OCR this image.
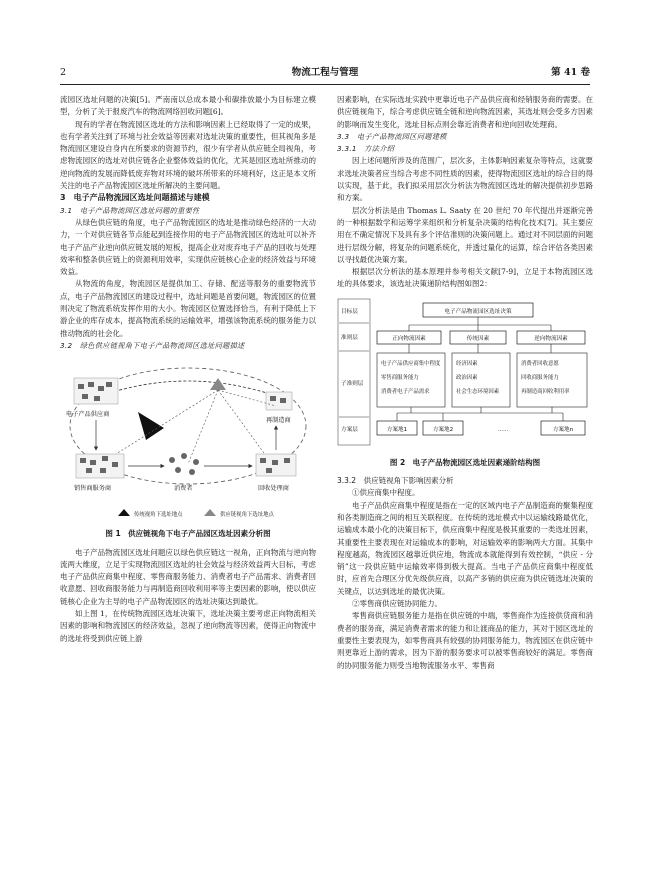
2	物流工程与管理	第 41 卷

流园区选址问题的决策[5]。严南南以总成本最小和碳排放最小为目标建立模型，分析了关于报废汽车的物流网络回收问题[6]。

现有的学者在物流园区选址的方法和影响因素上已经取得了一定的成果，也有学者关注到了环境与社会效益等因素对选址决策的重要性，但其视角多是物流园区建设自身内在所要求的资源节约，很少有学者从供应链全局视角，考虑物流园区的选址对供应链各企业整体效益的优化，尤其是园区选址所推动的逆向物流的发展而降低废弃物对环境的破坏所带来的环境利好，这正是本文所关注的电子产品物流园区选址所解决的主要问题。

3　电子产品物流园区选址问题描述与建模

3.1　电子产品物流园区选址问题的重要性

从绿色供应链的角度，电子产品物流园区的选址是推动绿色经济的一大动力，一个对供应链各节点能起到连接作用的电子产品物流园区的选址可以补齐电子产品产业逆向供应链发展的短板，提高企业对废弃电子产品的回收与处理效率和整条供应链上的资源利用效率，实现供应链核心企业的经济效益与环境效益。

从物流的角度，物流园区是提供加工、存储、配送等服务的重要物流节点，电子产品物流园区的建设过程中，选址问题是首要问题，物流园区的位置则决定了物流系统发挥作用的大小。物流园区位置选择恰当，有利于降低上下游企业的库存成本，提高物流系统的运输效率，增强该物流系统的服务能力以推动物流的社会化。

3.2　绿色供应链视角下电子产品物流园区选址问题描述

电子产品供应商
再制造商
销售商服务商	消费者	回收处理商
传统视角下选址地点	供应链视角下选址地点

图 1　供应链视角下电子产品园区选址因素分析图

电子产品物流园区选址问题应以绿色供应链这一视角，正向物流与逆向物流两大维度，立足于实现物流园区选址的社会效益与经济效益两大目标，考虑电子产品供应商集中程度、零售商服务能力、消费者电子产品需求、消费者回收意愿、回收商服务能力与再制造商回收利用率等主要因素的影响，使以供应链核心企业为主导的电子产品物流园区的选址决策达到最优。

如上图 1，在传统物流园区选址决策下，选址决策主要考虑正向物流相关因素的影响和物流园区的经济效益，忽视了逆向物流等因素，使得正向物流中的选址将受到供应链上游

因素影响，在实际选址实践中更靠近电子产品供应商和经销服务商的需要。在供应链视角下，综合考虑供应链全链和逆向物流因素，其选址则会受多方因素的影响而发生变化，选址目标点则会靠近消费者和逆向回收处理商。

3.3　电子产品物流园区问题建模

3.3.1　方法介绍

因上述问题所涉及的范围广，层次多，主体影响因素复杂等特点，这就要求选址决策者应当综合考虑不同性质的因素，使得物流园区选址的综合目的得以实现，基于此，我们拟采用层次分析法为物流园区选址的解决提供初步思路和方案。

层次分析法是由 Thomas L. Saaty 在 20 世纪 70 年代提出并逐渐完善的一种根据数学和运筹学来组织和分析复杂决策的结构化技术[7]。其主要应用在不确定情况下及具有多个评估准则的决策问题上。通过对不同层面的问题进行层级分解，将复杂的问题系统化，并透过量化的运算，综合评估各类因素以寻找最优决策方案。

根据层次分析法的基本原理并参考相关文献[7-9]，立足于本物流园区选址的具体要求，该选址决策递阶结构图如图2：

目标层
准则层
子准则层
方案层
电子产品物流园区选址决策
正向物流因素	传统因素	逆向物流因素
电子产品供应商集中程度
零售商服务能力
消费者电子产品需求
经济因素
政治因素
社会生态环境因素
消费者回收意愿
回收商服务能力
再制造商回收利用率
方案地1	方案地2	……	方案地n

图 2　电子产品物流园区选址因素递阶结构图

3.3.2　供应链视角下影响因素分析

①供应商集中程度。

电子产品供应商集中程度是指在一定的区域内电子产品制造商的聚集程度和各类制造商之间的相互关联程度。在传统的选址模式中以运输线路最优化，运输成本最小化的决策目标下，供应商集中程度是极其重要的一类选址因素，其重要性主要表现在对运输成本的影响，对运输效率的影响两大方面。其集中程度越高，物流园区越靠近供应地，物流成本就能得到有效控制，“供应 - 分销”这一段供应链中运输效率得到极大提高。当电子产品供应商集中程度低时，应首先合理区分优先级供应商，以高产多销的供应商为供应链选址决策的关键点，以达到选址的最优决策。

②零售商供应链协同能力。

零售商供应链服务能力是指在供应链的中端，零售商作为连接供货商和消费者的服务商，满足消费者需求的能力和让渡商品的能力，其对于园区选址的重要性主要表现为，如零售商具有较强的协同服务能力，物流园区在供应链中则更靠近上游的需求，因为下游的服务要求可以被零售商较好的满足。零售商的协同服务能力则受当地物流服务水平、零售商
